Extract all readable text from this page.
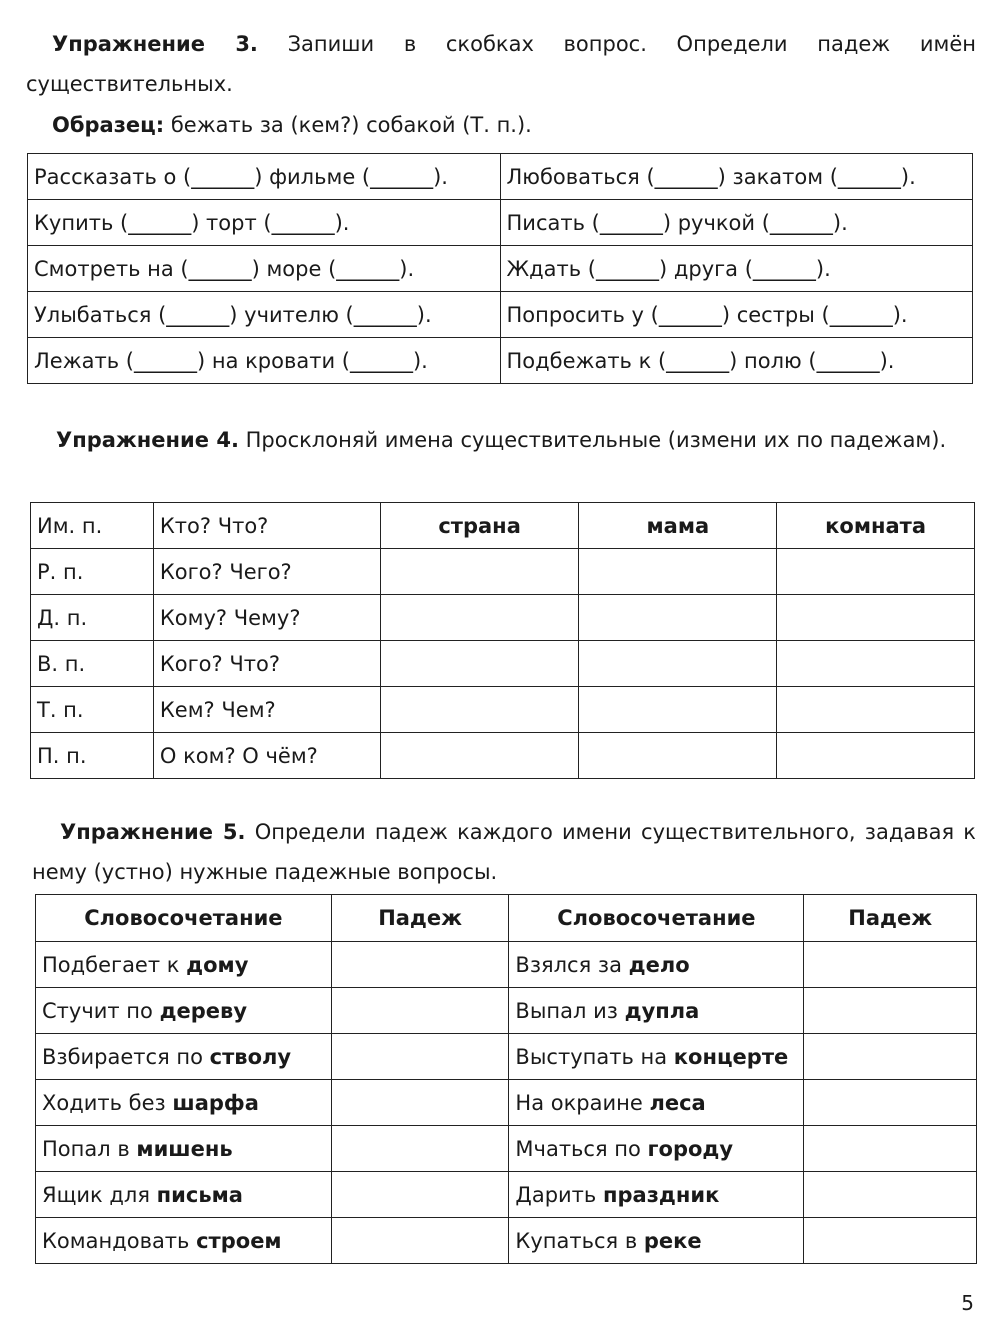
Упражнение 3. Запиши в скобках вопрос. Определи падеж имён существительных.

Образец: бежать за (кем?) собакой (Т. п.).

Рассказать о (______) фильме (______).	Любоваться (______) закатом (______).
Купить (______) торт (______).	Писать (______) ручкой (______).
Смотреть на (______) море (______).	Ждать (______) друга (______).
Улыбаться (______) учителю (______).	Попросить у (______) сестры (______).
Лежать (______) на кровати (______).	Подбежать к (______) полю (______).

Упражнение 4. Просклоняй имена существительные (измени их по падежам).

Им. п.	Кто? Что?	страна	мама	комната
Р. п.	Кого? Чего?			
Д. п.	Кому? Чему?			
В. п.	Кого? Что?			
Т. п.	Кем? Чем?			
П. п.	О ком? О чём?			

Упражнение 5. Определи падеж каждого имени существительного, задавая к нему (устно) нужные падежные вопросы.

Словосочетание	Падеж	Словосочетание	Падеж
Подбегает к дому		Взялся за дело	
Стучит по дереву		Выпал из дупла	
Взбирается по стволу		Выступать на концерте	
Ходить без шарфа		На окраине леса	
Попал в мишень		Мчаться по городу	
Ящик для письма		Дарить праздник	
Командовать строем		Купаться в реке	
5
